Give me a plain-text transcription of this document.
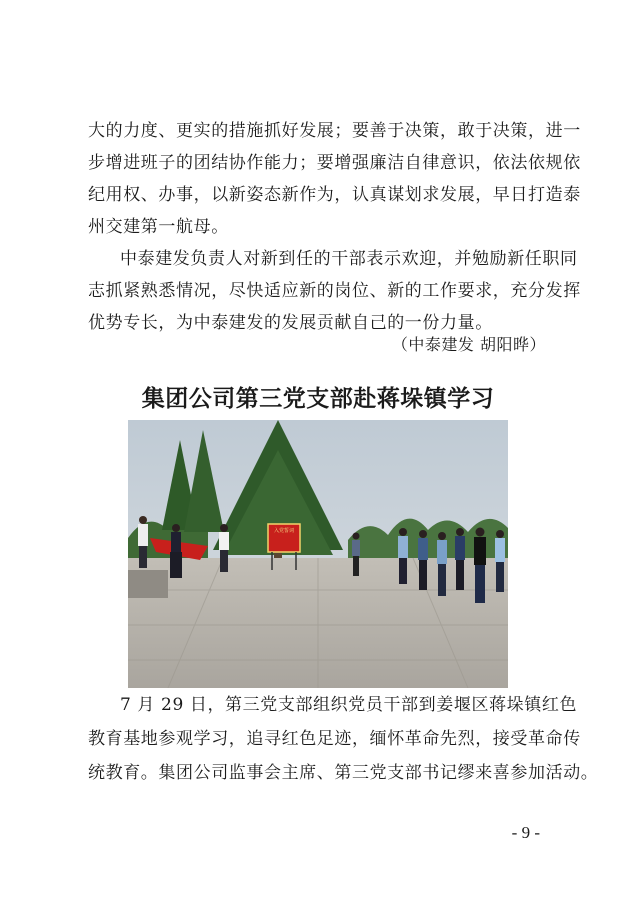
大的力度、更实的措施抓好发展；要善于决策，敢于决策，进一
步增进班子的团结协作能力；要增强廉洁自律意识，依法依规依
纪用权、办事，以新姿态新作为，认真谋划求发展，早日打造泰
州交建第一航母。
中泰建发负责人对新到任的干部表示欢迎，并勉励新任职同
志抓紧熟悉情况，尽快适应新的岗位、新的工作要求，充分发挥
优势专长，为中泰建发的发展贡献自己的一份力量。
（中泰建发 胡阳晔）
集团公司第三党支部赴蒋垛镇学习
入党誓词
7 月 29 日，第三党支部组织党员干部到姜堰区蒋垛镇红色
教育基地参观学习，追寻红色足迹，缅怀革命先烈，接受革命传
统教育。集团公司监事会主席、第三党支部书记缪来喜参加活动。
- 9 -
